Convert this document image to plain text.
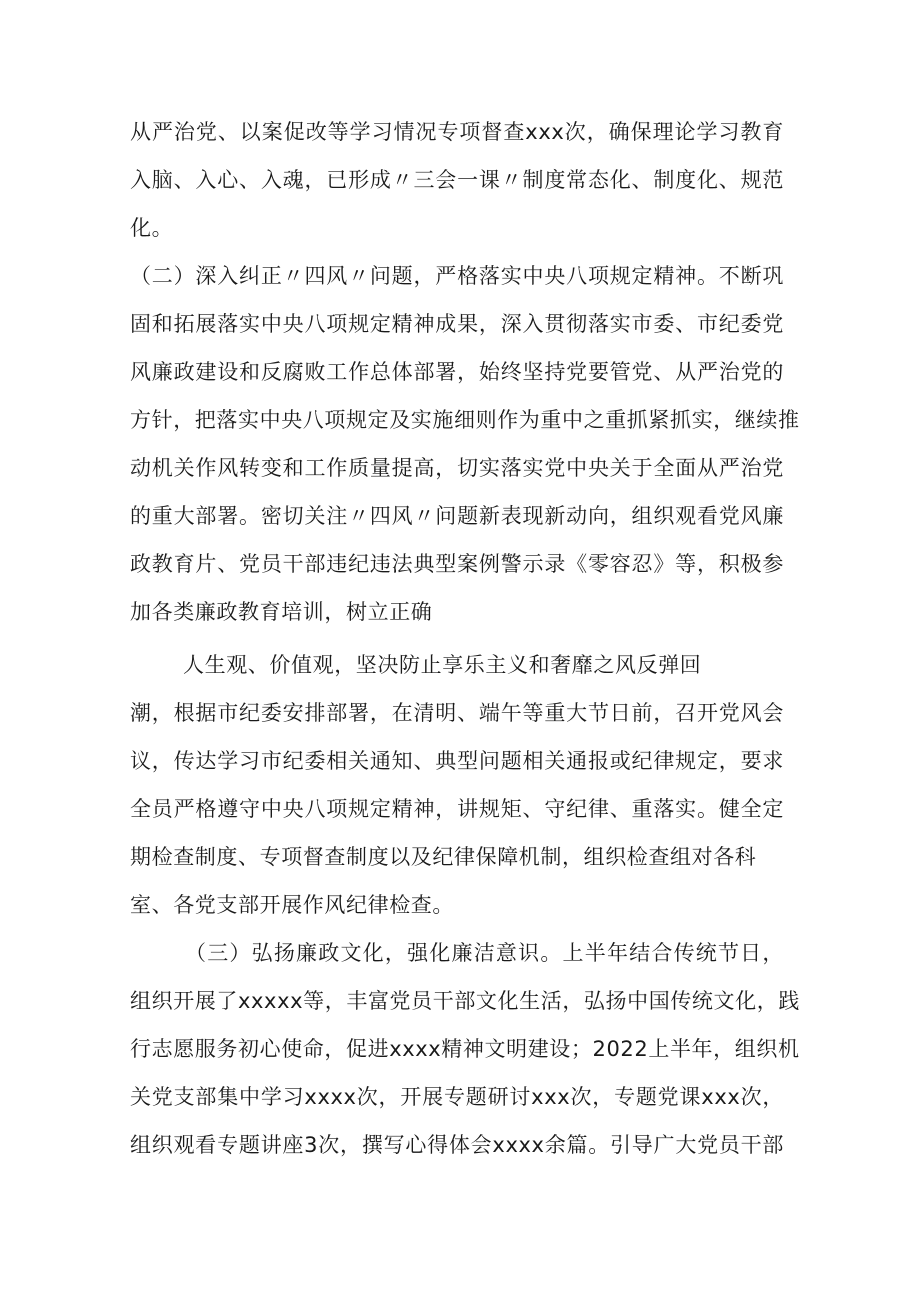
从严治党、以案促改等学习情况专项督查xxx次，确保理论学习教育
入脑、入心、入魂，已形成〃三会一课〃制度常态化、制度化、规范
化。
（二）深入纠正〃四风〃问题，严格落实中央八项规定精神。不断巩
固和拓展落实中央八项规定精神成果，深入贯彻落实市委、市纪委党
风廉政建设和反腐败工作总体部署，始终坚持党要管党、从严治党的
方针，把落实中央八项规定及实施细则作为重中之重抓紧抓实，继续推
动机关作风转变和工作质量提高，切实落实党中央关于全面从严治党
的重大部署。密切关注〃四风〃问题新表现新动向，组织观看党风廉
政教育片、党员干部违纪违法典型案例警示录《零容忍》等，积极参
加各类廉政教育培训，树立正确
人生观、价值观，坚决防止享乐主义和奢靡之风反弹回
潮，根据市纪委安排部署，在清明、端午等重大节日前，召开党风会
议，传达学习市纪委相关通知、典型问题相关通报或纪律规定，要求
全员严格遵守中央八项规定精神，讲规矩、守纪律、重落实。健全定
期检查制度、专项督查制度以及纪律保障机制，组织检查组对各科
室、各党支部开展作风纪律检查。
（三）弘扬廉政文化，强化廉洁意识。上半年结合传统节日，
组织开展了xxxxx等，丰富党员干部文化生活，弘扬中国传统文化，践
行志愿服务初心使命，促进xxxx精神文明建设；2022上半年，组织机
关党支部集中学习xxxx次，开展专题研讨xxx次，专题党课xxx次，
组织观看专题讲座3次，撰写心得体会xxxx余篇。引导广大党员干部
